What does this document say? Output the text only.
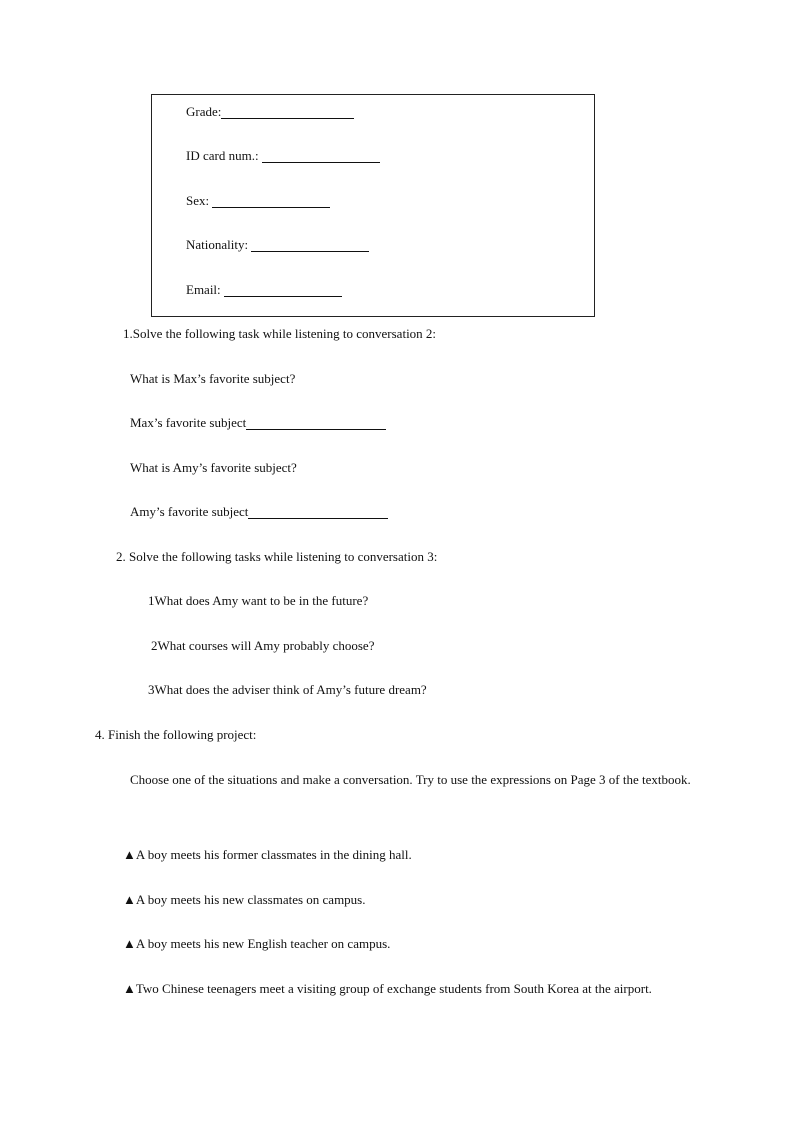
Grade:
ID card num.:
Sex:
Nationality:
Email:
1.Solve the following task while listening to conversation 2:
What is Max’s favorite subject?
Max’s favorite subject
What is Amy’s favorite subject?
Amy’s favorite subject
2. Solve the following tasks while listening to conversation 3:
1What does Amy want to be in the future?
2What courses will Amy probably choose?
3What does the adviser think of Amy’s future dream?
4. Finish the following project:
Choose one of the situations and make a conversation. Try to use the expressions on Page 3 of the textbook.
▲A boy meets his former classmates in the dining hall.
▲A boy meets his new classmates on campus.
▲A boy meets his new English teacher on campus.
▲Two Chinese teenagers meet a visiting group of exchange students from South Korea at the airport.
